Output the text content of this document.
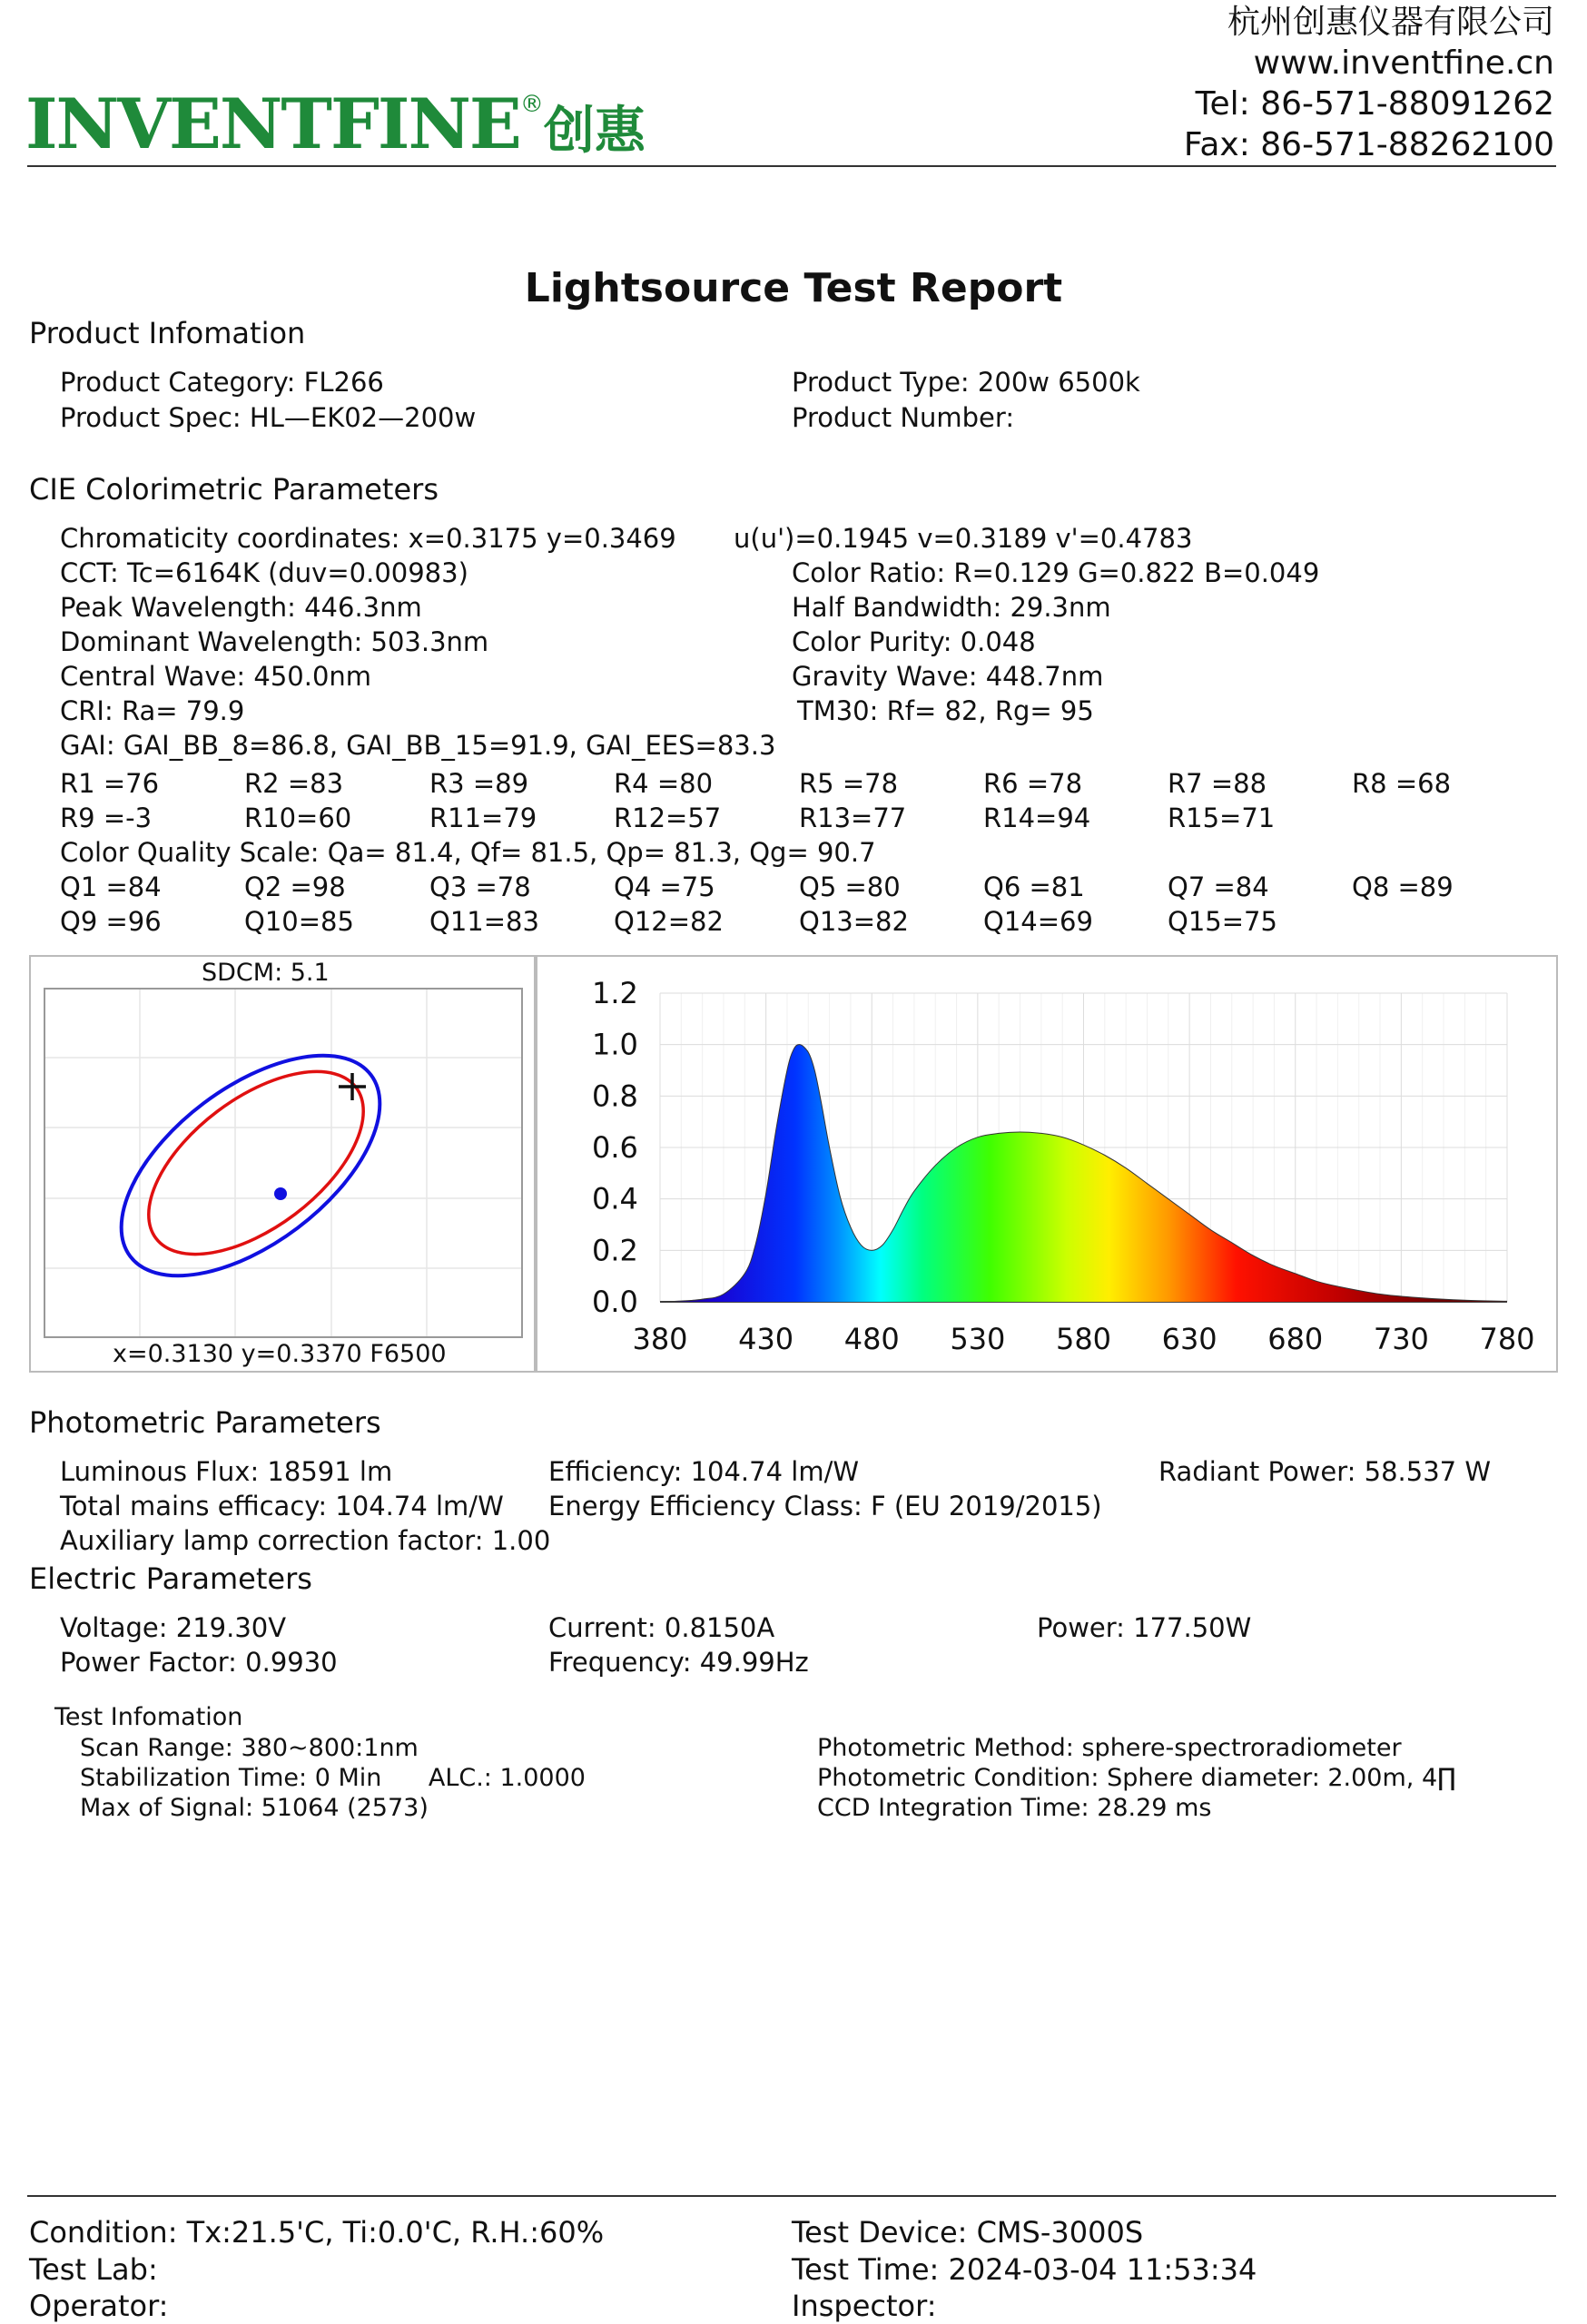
INVENTFINE®创惠
杭州创惠仪器有限公司
www.inventfine.cn
Tel: 86-571-88091262
Fax: 86-571-88262100
Lightsource Test Report
Product Infomation
Product Category: FL266
Product Spec: HL—EK02—200w
Product Type: 200w 6500k
Product Number:
CIE Colorimetric Parameters
Chromaticity coordinates: x=0.3175 y=0.3469 u(u')=0.1945 v=0.3189 v'=0.4783
CCT: Tc=6164K (duv=0.00983)	Color Ratio: R=0.129 G=0.822 B=0.049
Peak Wavelength: 446.3nm	Half Bandwidth: 29.3nm
Dominant Wavelength: 503.3nm	Color Purity: 0.048
Central Wave: 450.0nm	Gravity Wave: 448.7nm
CRI: Ra= 79.9	TM30: Rf= 82, Rg= 95
GAI: GAI_BB_8=86.8, GAI_BB_15=91.9, GAI_EES=83.3
R1 =76	R2 =83	R3 =89	R4 =80	R5 =78	R6 =78	R7 =88	R8 =68
R9 =-3	R10=60	R11=79	R12=57	R13=77	R14=94	R15=71
Color Quality Scale: Qa= 81.4, Qf= 81.5, Qp= 81.3, Qg= 90.7
Q1 =84	Q2 =98	Q3 =78	Q4 =75	Q5 =80	Q6 =81	Q7 =84	Q8 =89
Q9 =96	Q10=85	Q11=83	Q12=82	Q13=82	Q14=69	Q15=75
SDCM: 5.1
x=0.3130 y=0.3370 F6500
0.0
0.2
0.4
0.6
0.8
1.0
1.2
380 430 480 530 580 630 680 730 780
Photometric Parameters
Luminous Flux: 18591 lm	Efficiency: 104.74 lm/W	Radiant Power: 58.537 W
Total mains efficacy: 104.74 lm/W Energy Efficiency Class: F (EU 2019/2015)
Auxiliary lamp correction factor: 1.00
Electric Parameters
Voltage: 219.30V	Current: 0.8150A	Power: 177.50W
Power Factor: 0.9930	Frequency: 49.99Hz
Test Infomation
Scan Range: 380~800:1nm
Stabilization Time: 0 Min      ALC.: 1.0000
Max of Signal: 51064 (2573)
Photometric Method: sphere-spectroradiometer
Photometric Condition: Sphere diameter: 2.00m, 4∏
CCD Integration Time: 28.29 ms
Condition: Tx:21.5'C, Ti:0.0'C, R.H.:60%
Test Lab:
Operator:
Test Device: CMS-3000S
Test Time: 2024-03-04 11:53:34
Inspector:
